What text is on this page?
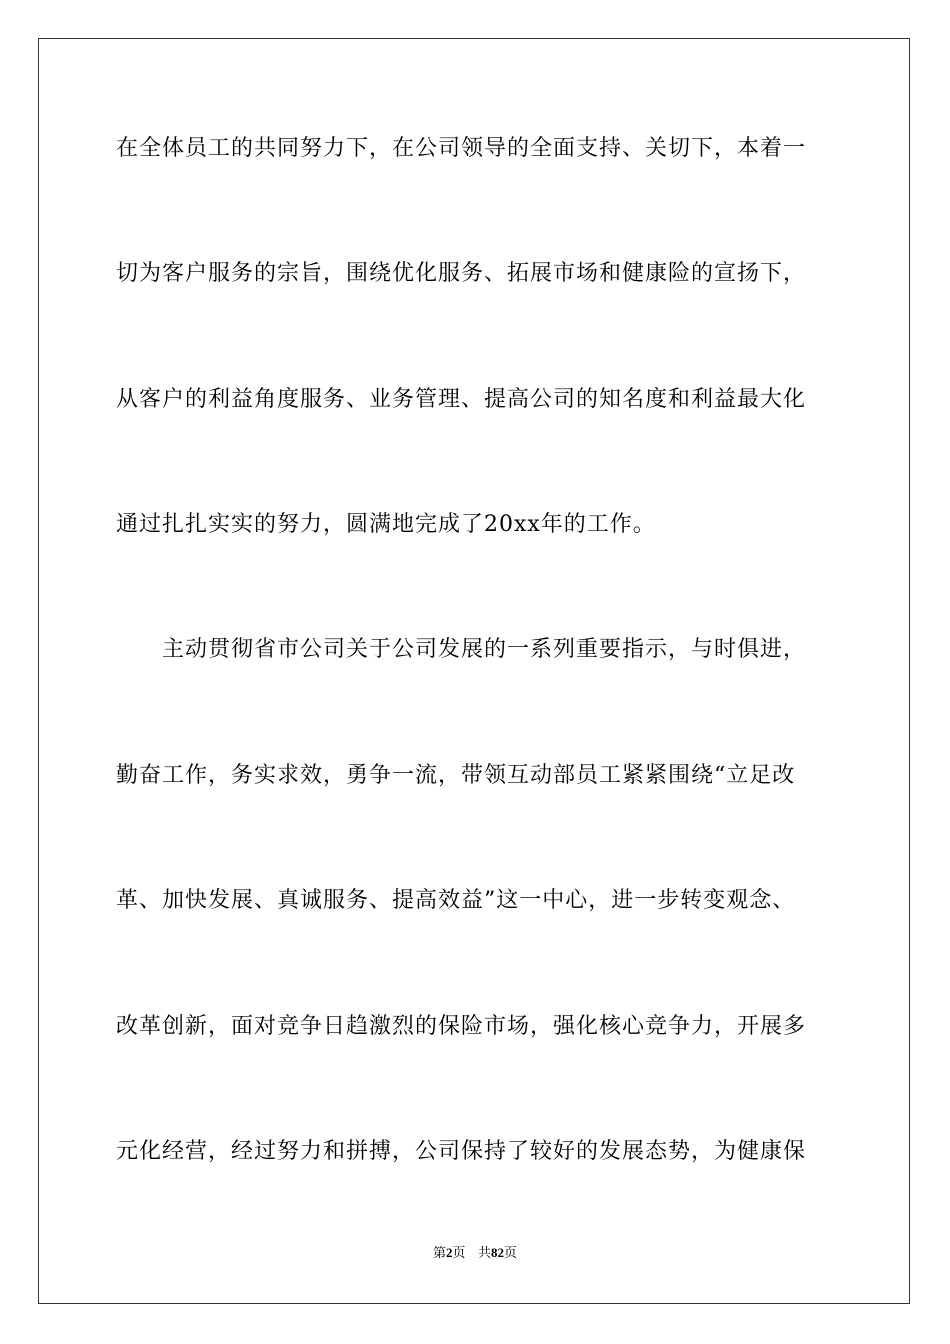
在全体员工的共同努力下，在公司领导的全面支持、关切下，本着一
切为客户服务的宗旨，围绕优化服务、拓展市场和健康险的宣扬下，
从客户的利益角度服务、业务管理、提高公司的知名度和利益最大化
通过扎扎实实的努力，圆满地完成了20xx年的工作。
主动贯彻省市公司关于公司发展的一系列重要指示，与时俱进，
勤奋工作，务实求效，勇争一流，带领互动部员工紧紧围绕“立足改
革、加快发展、真诚服务、提高效益”这一中心，进一步转变观念、
改革创新，面对竞争日趋激烈的保险市场，强化核心竞争力，开展多
元化经营，经过努力和拼搏，公司保持了较好的发展态势，为健康保
第2页 共82页
